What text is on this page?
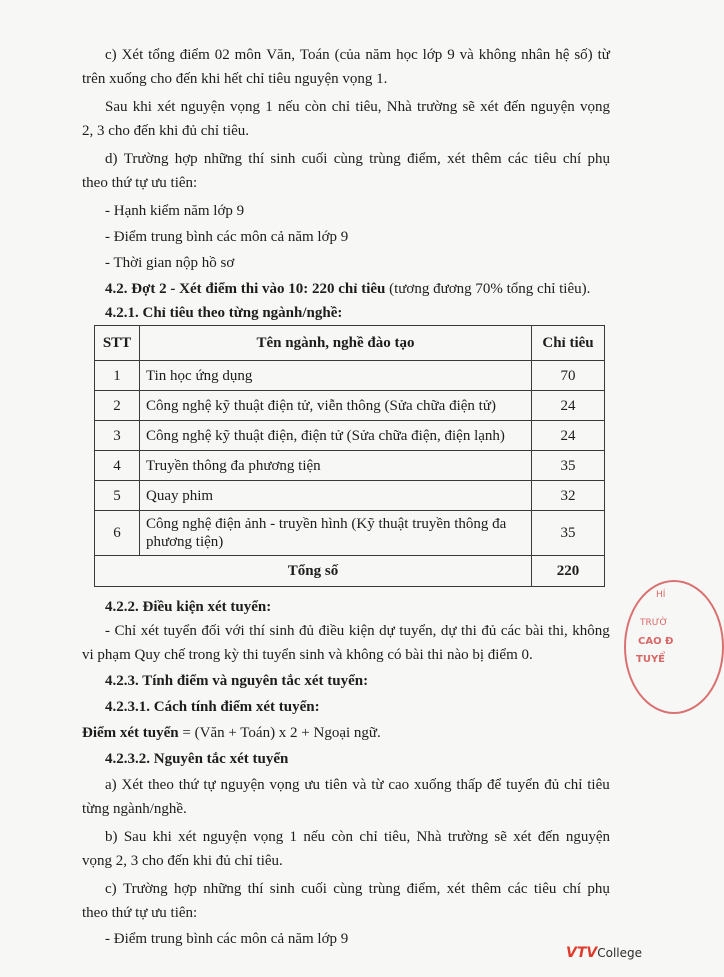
c) Xét tổng điểm 02 môn Văn, Toán (của năm học lớp 9 và không nhân hệ số) từ
trên xuống cho đến khi hết chỉ tiêu nguyện vọng 1.
Sau khi xét nguyện vọng 1 nếu còn chỉ tiêu, Nhà trường sẽ xét đến nguyện vọng
2, 3 cho đến khi đủ chỉ tiêu.
d) Trường hợp những thí sinh cuối cùng trùng điểm, xét thêm các tiêu chí phụ
theo thứ tự ưu tiên:
- Hạnh kiểm năm lớp 9
- Điểm trung bình các môn cả năm lớp 9
- Thời gian nộp hồ sơ
4.2. Đợt 2 - Xét điểm thi vào 10: 220 chỉ tiêu (tương đương 70% tổng chỉ tiêu).
4.2.1. Chỉ tiêu theo từng ngành/nghề:
STT	Tên ngành, nghề đào tạo	Chỉ tiêu
1	Tin học ứng dụng	70
2	Công nghệ kỹ thuật điện tử, viễn thông (Sửa chữa điện tử)	24
3	Công nghệ kỹ thuật điện, điện tử (Sửa chữa điện, điện lạnh)	24
4	Truyền thông đa phương tiện	35
5	Quay phim	32
6	Công nghệ điện ảnh - truyền hình (Kỹ thuật truyền thông đa phương tiện)	35
Tổng số		220
4.2.2. Điều kiện xét tuyển:
- Chỉ xét tuyển đối với thí sinh đủ điều kiện dự tuyển, dự thi đủ các bài thi, không
vi phạm Quy chế trong kỳ thi tuyển sinh và không có bài thi nào bị điểm 0.
4.2.3. Tính điểm và nguyên tắc xét tuyển:
4.2.3.1. Cách tính điểm xét tuyển:
Điểm xét tuyển = (Văn + Toán) x 2 + Ngoại ngữ.
4.2.3.2. Nguyên tắc xét tuyển
a) Xét theo thứ tự nguyện vọng ưu tiên và từ cao xuống thấp để tuyển đủ chỉ tiêu
từng ngành/nghề.
b) Sau khi xét nguyện vọng 1 nếu còn chỉ tiêu, Nhà trường sẽ xét đến nguyện
vọng 2, 3 cho đến khi đủ chỉ tiêu.
c) Trường hợp những thí sinh cuối cùng trùng điểm, xét thêm các tiêu chí phụ
theo thứ tự ưu tiên:
- Điểm trung bình các môn cả năm lớp 9
HÍ
TRƯỜ
CAO Đ
TUYỂ
VTVCollege
